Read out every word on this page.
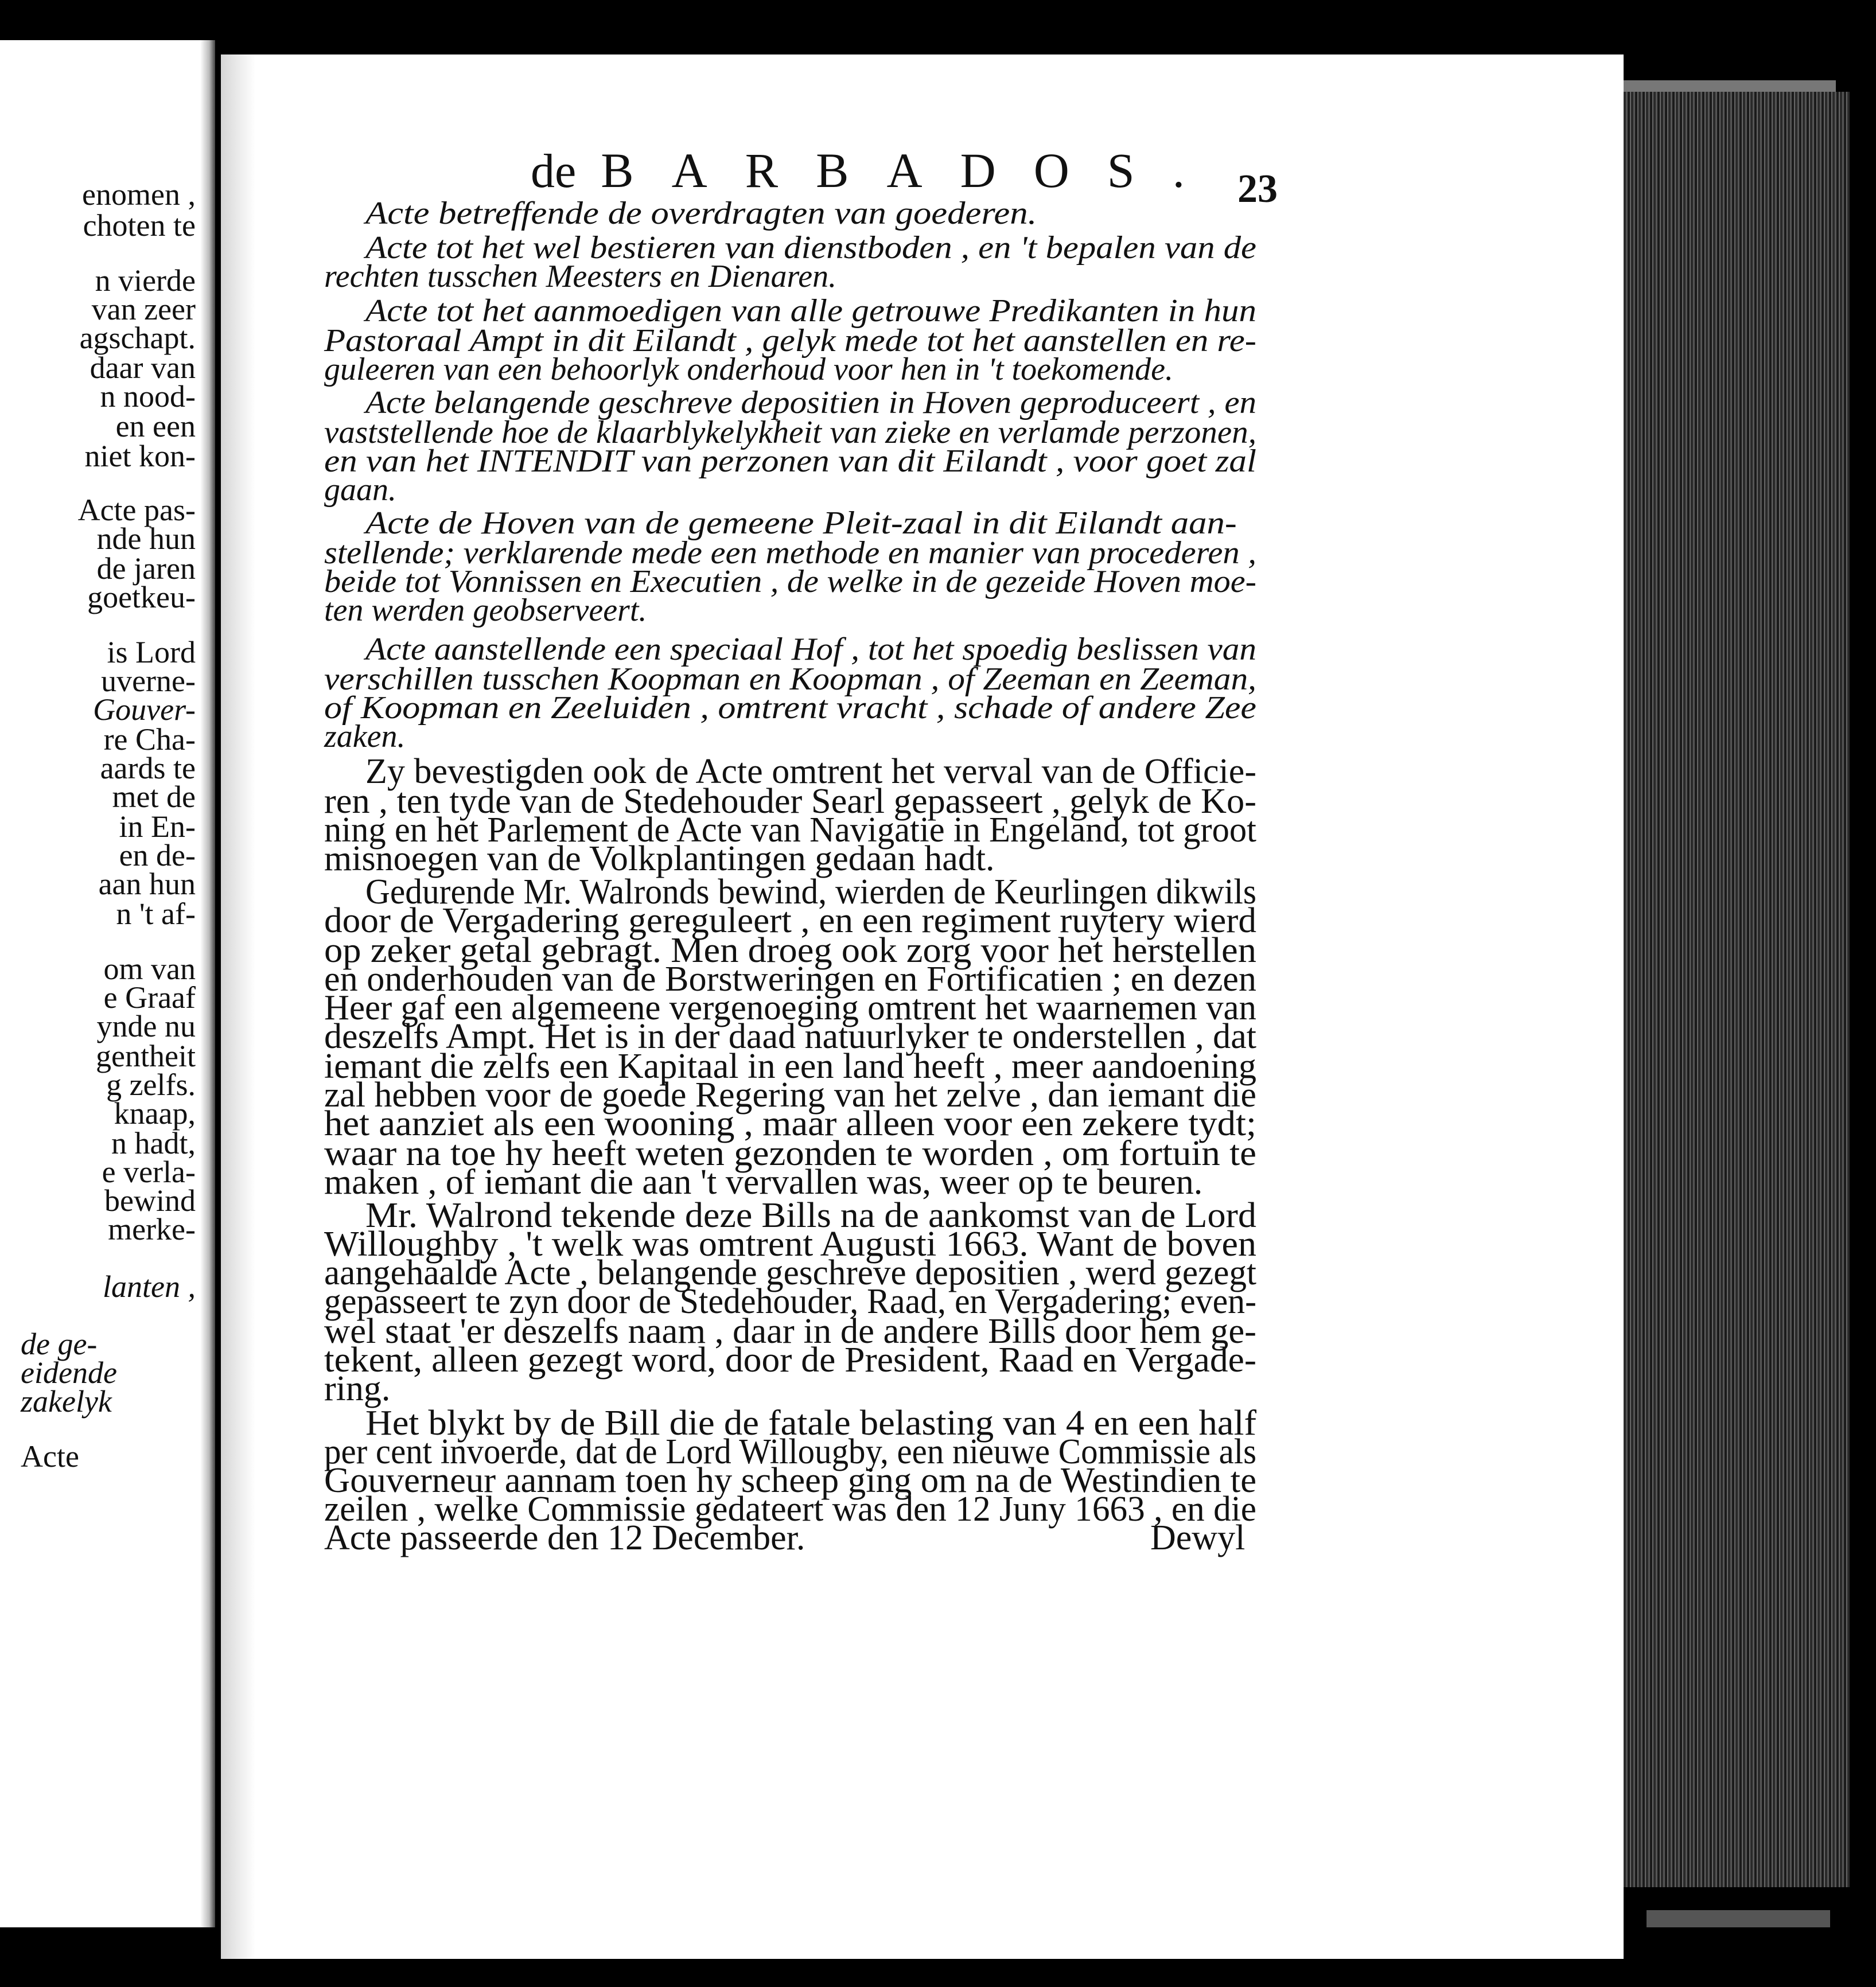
enomen ,
choten te
n vierde
van zeer
agschapt.
daar van
n nood-
en een
niet kon-
Acte pas-
nde hun
de jaren
goetkeu-
is Lord
uverne-
Gouver-
re Cha-
aards te
met de
in En-
en de-
aan hun
n 't af-
om van
e Graaf
ynde nu
gentheit
g zelfs.
knaap,
n hadt,
e verla-
bewind
merke-
lanten ,
de ge-
eidende
zakelyk
Acte
de BARBADOS. 23
Acte betreffende de overdragten van goederen.
Acte tot het wel bestieren van dienstboden , en 't bepalen van de
rechten tusschen Meesters en Dienaren.
Acte tot het aanmoedigen van alle getrouwe Predikanten in hun
Pastoraal Ampt in dit Eilandt , gelyk mede tot het aanstellen en re-
guleeren van een behoorlyk onderhoud voor hen in 't toekomende.
Acte belangende geschreve depositien in Hoven geproduceert , en
vaststellende hoe de klaarblykelykheit van zieke en verlamde perzonen,
en van het INTENDIT van perzonen van dit Eilandt , voor goet zal
gaan.
Acte de Hoven van de gemeene Pleit-zaal in dit Eilandt aan-
stellende; verklarende mede een methode en manier van procederen ,
beide tot Vonnissen en Executien , de welke in de gezeide Hoven moe-
ten werden geobserveert.
Acte aanstellende een speciaal Hof , tot het spoedig beslissen van
verschillen tusschen Koopman en Koopman , of Zeeman en Zeeman,
of Koopman en Zeeluiden , omtrent vracht , schade of andere Zee
zaken.
Zy bevestigden ook de Acte omtrent het verval van de Officie-
ren , ten tyde van de Stedehouder Searl gepasseert , gelyk de Ko-
ning en het Parlement de Acte van Navigatie in Engeland, tot groot
misnoegen van de Volkplantingen gedaan hadt.
Gedurende Mr. Walronds bewind, wierden de Keurlingen dikwils
door de Vergadering gereguleert , en een regiment ruytery wierd
op zeker getal gebragt. Men droeg ook zorg voor het herstellen
en onderhouden van de Borstweringen en Fortificatien ; en dezen
Heer gaf een algemeene vergenoeging omtrent het waarnemen van
deszelfs Ampt. Het is in der daad natuurlyker te onderstellen , dat
iemant die zelfs een Kapitaal in een land heeft , meer aandoening
zal hebben voor de goede Regering van het zelve , dan iemant die
het aanziet als een wooning , maar alleen voor een zekere tydt;
waar na toe hy heeft weten gezonden te worden , om fortuin te
maken , of iemant die aan 't vervallen was, weer op te beuren.
Mr. Walrond tekende deze Bills na de aankomst van de Lord
Willoughby , 't welk was omtrent Augusti 1663. Want de boven
aangehaalde Acte , belangende geschreve depositien , werd gezegt
gepasseert te zyn door de Stedehouder, Raad, en Vergadering; even-
wel staat 'er deszelfs naam , daar in de andere Bills door hem ge-
tekent, alleen gezegt word, door de President, Raad en Vergade-
ring.
Het blykt by de Bill die de fatale belasting van 4 en een half
per cent invoerde, dat de Lord Willougby, een nieuwe Commissie als
Gouverneur aannam toen hy scheep ging om na de Westindien te
zeilen , welke Commissie gedateert was den 12 Juny 1663 , en die
Acte passeerde den 12 December.	Dewyl
